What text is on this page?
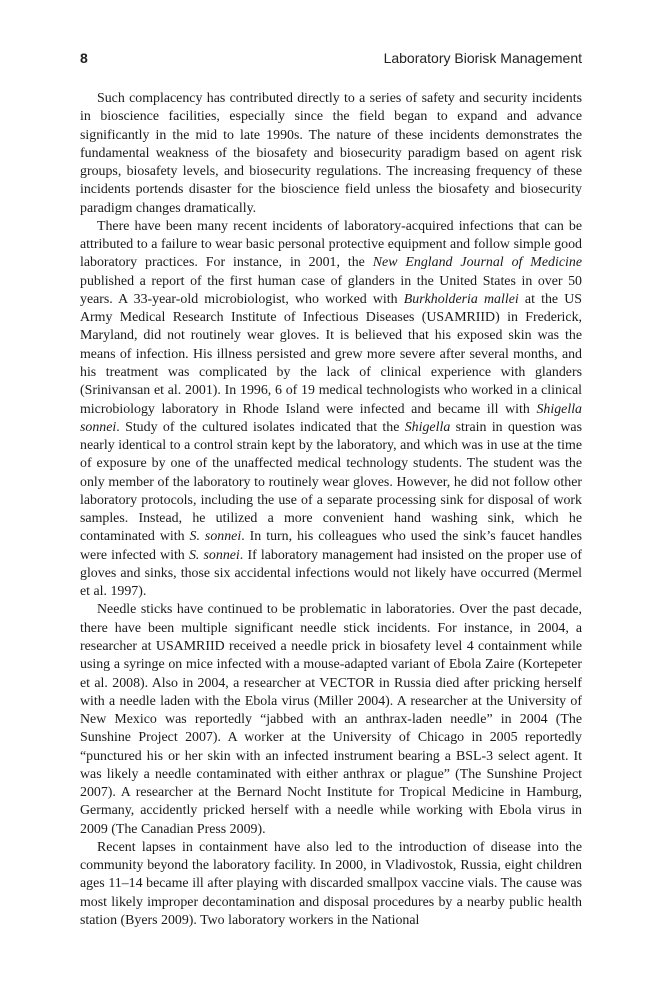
8	Laboratory Biorisk Management

Such complacency has contributed directly to a series of safety and security incidents in bioscience facilities, especially since the field began to expand and advance significantly in the mid to late 1990s. The nature of these incidents demonstrates the fundamental weakness of the biosafety and biosecurity paradigm based on agent risk groups, biosafety levels, and biosecurity regulations. The increasing frequency of these incidents portends disaster for the bioscience field unless the biosafety and biosecurity paradigm changes dramatically.

There have been many recent incidents of laboratory-acquired infections that can be attributed to a failure to wear basic personal protective equipment and follow simple good laboratory practices. For instance, in 2001, the New England Journal of Medicine published a report of the first human case of glanders in the United States in over 50 years. A 33-year-old microbiologist, who worked with Burkholderia mallei at the US Army Medical Research Institute of Infectious Diseases (USAMRIID) in Frederick, Maryland, did not routinely wear gloves. It is believed that his exposed skin was the means of infection. His illness persisted and grew more severe after several months, and his treatment was complicated by the lack of clinical experience with glanders (Srinivansan et al. 2001). In 1996, 6 of 19 medical technologists who worked in a clinical microbiology laboratory in Rhode Island were infected and became ill with Shigella sonnei. Study of the cultured isolates indicated that the Shigella strain in question was nearly identical to a control strain kept by the laboratory, and which was in use at the time of exposure by one of the unaffected medical technology students. The student was the only member of the laboratory to routinely wear gloves. However, he did not follow other laboratory protocols, including the use of a separate processing sink for disposal of work samples. Instead, he utilized a more convenient hand washing sink, which he contaminated with S. sonnei. In turn, his colleagues who used the sink’s faucet handles were infected with S. sonnei. If laboratory management had insisted on the proper use of gloves and sinks, those six accidental infections would not likely have occurred (Mermel et al. 1997).

Needle sticks have continued to be problematic in laboratories. Over the past decade, there have been multiple significant needle stick incidents. For instance, in 2004, a researcher at USAMRIID received a needle prick in biosafety level 4 containment while using a syringe on mice infected with a mouse-adapted variant of Ebola Zaire (Kortepeter et al. 2008). Also in 2004, a researcher at VECTOR in Russia died after pricking herself with a needle laden with the Ebola virus (Miller 2004). A researcher at the University of New Mexico was reportedly “jabbed with an anthrax-laden needle” in 2004 (The Sunshine Project 2007). A worker at the University of Chicago in 2005 reportedly “punctured his or her skin with an infected instrument bearing a BSL-3 select agent. It was likely a needle contaminated with either anthrax or plague” (The Sunshine Project 2007). A researcher at the Bernard Nocht Institute for Tropical Medicine in Hamburg, Germany, accidently pricked herself with a needle while working with Ebola virus in 2009 (The Canadian Press 2009).

Recent lapses in containment have also led to the introduction of disease into the community beyond the laboratory facility. In 2000, in Vladivostok, Russia, eight children ages 11–14 became ill after playing with discarded smallpox vaccine vials. The cause was most likely improper decontamination and disposal procedures by a nearby public health station (Byers 2009). Two laboratory workers in the National
